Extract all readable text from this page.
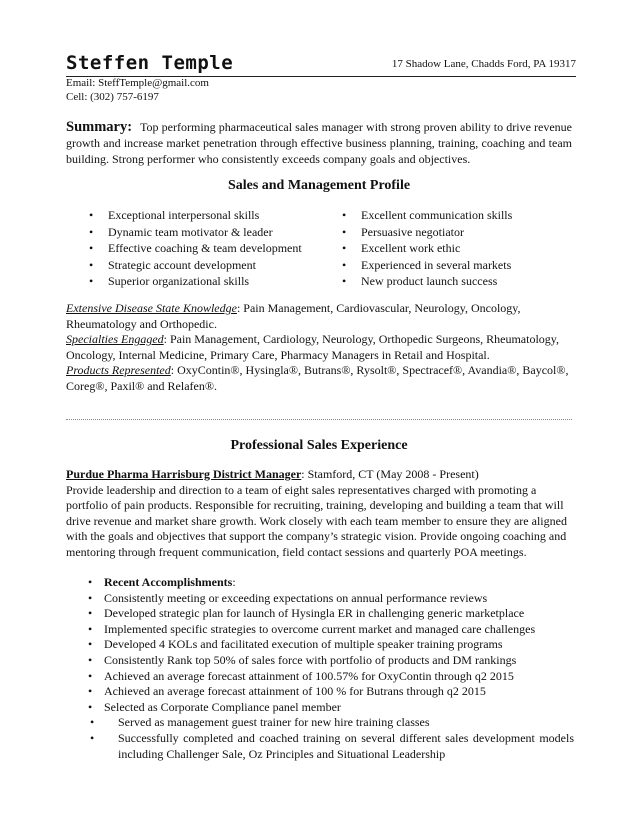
Steffen Temple	17 Shadow Lane, Chadds Ford, PA 19317
Email: SteffTemple@gmail.com
Cell: (302) 757-6197
Summary: Top performing pharmaceutical sales manager with strong proven ability to drive revenue growth and increase market penetration through effective business planning, training, coaching and team building. Strong performer who consistently exceeds company goals and objectives.
Sales and Management Profile
• Exceptional interpersonal skills
• Dynamic team motivator & leader
• Effective coaching & team development
• Strategic account development
• Superior organizational skills
• Excellent communication skills
• Persuasive negotiator
• Excellent work ethic
• Experienced in several markets
• New product launch success
Extensive Disease State Knowledge: Pain Management, Cardiovascular, Neurology, Oncology, Rheumatology and Orthopedic.
Specialties Engaged: Pain Management, Cardiology, Neurology, Orthopedic Surgeons, Rheumatology, Oncology, Internal Medicine, Primary Care, Pharmacy Managers in Retail and Hospital.
Products Represented: OxyContin®, Hysingla®, Butrans®, Rysolt®, Spectracef®, Avandia®, Baycol®, Coreg®, Paxil® and Relafen®.
Professional Sales Experience
Purdue Pharma Harrisburg District Manager: Stamford, CT (May 2008 - Present)
Provide leadership and direction to a team of eight sales representatives charged with promoting a portfolio of pain products. Responsible for recruiting, training, developing and building a team that will drive revenue and market share growth. Work closely with each team member to ensure they are aligned with the goals and objectives that support the company’s strategic vision. Provide ongoing coaching and mentoring through frequent communication, field contact sessions and quarterly POA meetings.
• Recent Accomplishments:
• Consistently meeting or exceeding expectations on annual performance reviews
• Developed strategic plan for launch of Hysingla ER in challenging generic marketplace
• Implemented specific strategies to overcome current market and managed care challenges
• Developed 4 KOLs and facilitated execution of multiple speaker training programs
• Consistently Rank top 50% of sales force with portfolio of products and DM rankings
• Achieved an average forecast attainment of 100.57% for OxyContin through q2 2015
• Achieved an average forecast attainment of 100 % for Butrans through q2 2015
• Selected as Corporate Compliance panel member
• Served as management guest trainer for new hire training classes
• Successfully completed and coached training on several different sales development models including Challenger Sale, Oz Principles and Situational Leadership
